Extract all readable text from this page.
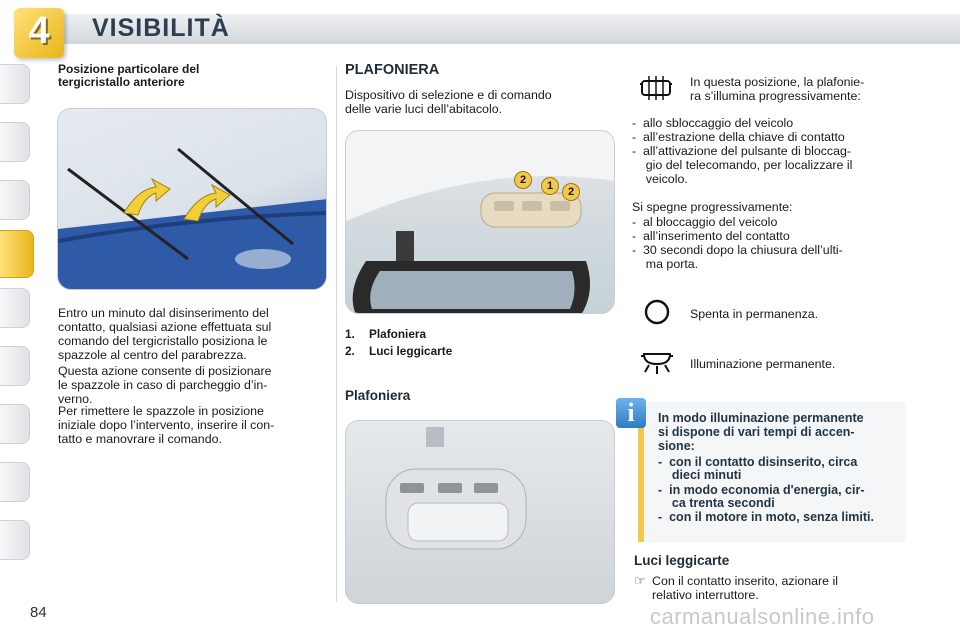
4	VISIBILITÀ
Posizione particolare del
tergicristallo anteriore
Entro un minuto dal disinserimento del
contatto, qualsiasi azione effettuata sul
comando del tergicristallo posiziona le
spazzole al centro del parabrezza.
Questa azione consente di posizionare
le spazzole in caso di parcheggio d’in-
verno.
Per rimettere le spazzole in posizione
iniziale dopo l’intervento, inserire il con-
tatto e manovrare il comando.
PLAFONIERA
Dispositivo di selezione e di comando
delle varie luci dell’abitacolo.
2	1	2
1. Plafoniera
2. Luci leggicarte
Plafoniera
In questa posizione, la plafonie-
ra s’illumina progressivamente:
-  allo sbloccaggio del veicolo
-  all’estrazione della chiave di contatto
-  all’attivazione del pulsante di bloccag-
gio del telecomando, per localizzare il
veicolo.
Si spegne progressivamente:
-  al bloccaggio del veicolo
-  all’inserimento del contatto
-  30 secondi dopo la chiusura dell’ulti-
ma porta.
Spenta in permanenza.
Illuminazione permanente.
i	In modo illuminazione permanente
si dispone di vari tempi di accen-
sione:
-  con il contatto disinserito, circa
dieci minuti
-  in modo economia d'energia, cir-
ca trenta secondi
-  con il motore in moto, senza limiti.
Luci leggicarte
☞ Con il contatto inserito, azionare il
relativo interruttore.
84	carmanualsonline.info
